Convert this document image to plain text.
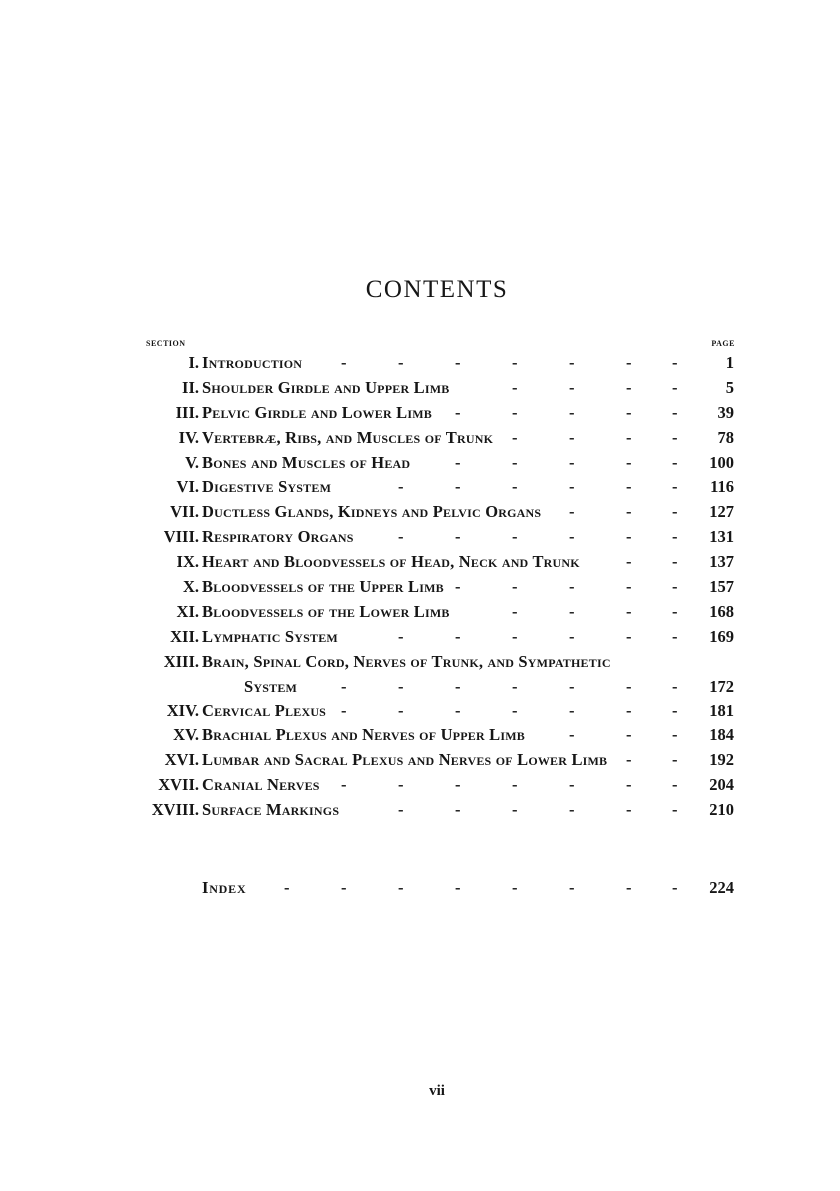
CONTENTS
SECTION	PAGE
I. Introduction -	-	-	-	-	- -	1
II. Shoulder Girdle and Upper Limb	-	-	- -	5
III. Pelvic Girdle and Lower Limb -	-	-	- - 39
IV. Vertebræ, Ribs, and Muscles of Trunk -	-	- - 78
V. Bones and Muscles of Head	-	-	-	- - 100
VI. Digestive System	-	-	-	-	- - 116
VII. Ductless Glands, Kidneys and Pelvic Organs -	- - 127
VIII. Respiratory Organs	-	-	-	-	- - 131
IX. Heart and Bloodvessels of Head, Neck and Trunk	- - 137
X. Bloodvessels of the Upper Limb -	-	-	- - 157
XI. Bloodvessels of the Lower Limb	-	-	- - 168
XII. Lymphatic System	-	-	-	-	- - 169
XIII. Brain, Spinal Cord, Nerves of Trunk, and Sympathetic
System	-	-	-	-	-	- - 172
XIV. Cervical Plexus -	-	-	-	-	- - 181
XV. Brachial Plexus and Nerves of Upper Limb	-	- - 184
XVI. Lumbar and Sacral Plexus and Nerves of Lower Limb - - 192
XVII. Cranial Nerves -	-	-	-	-	- - 204
XVIII. Surface Markings	-	-	-	-	- - 210
Index -	-	-	-	-	-	- - 224
vii
